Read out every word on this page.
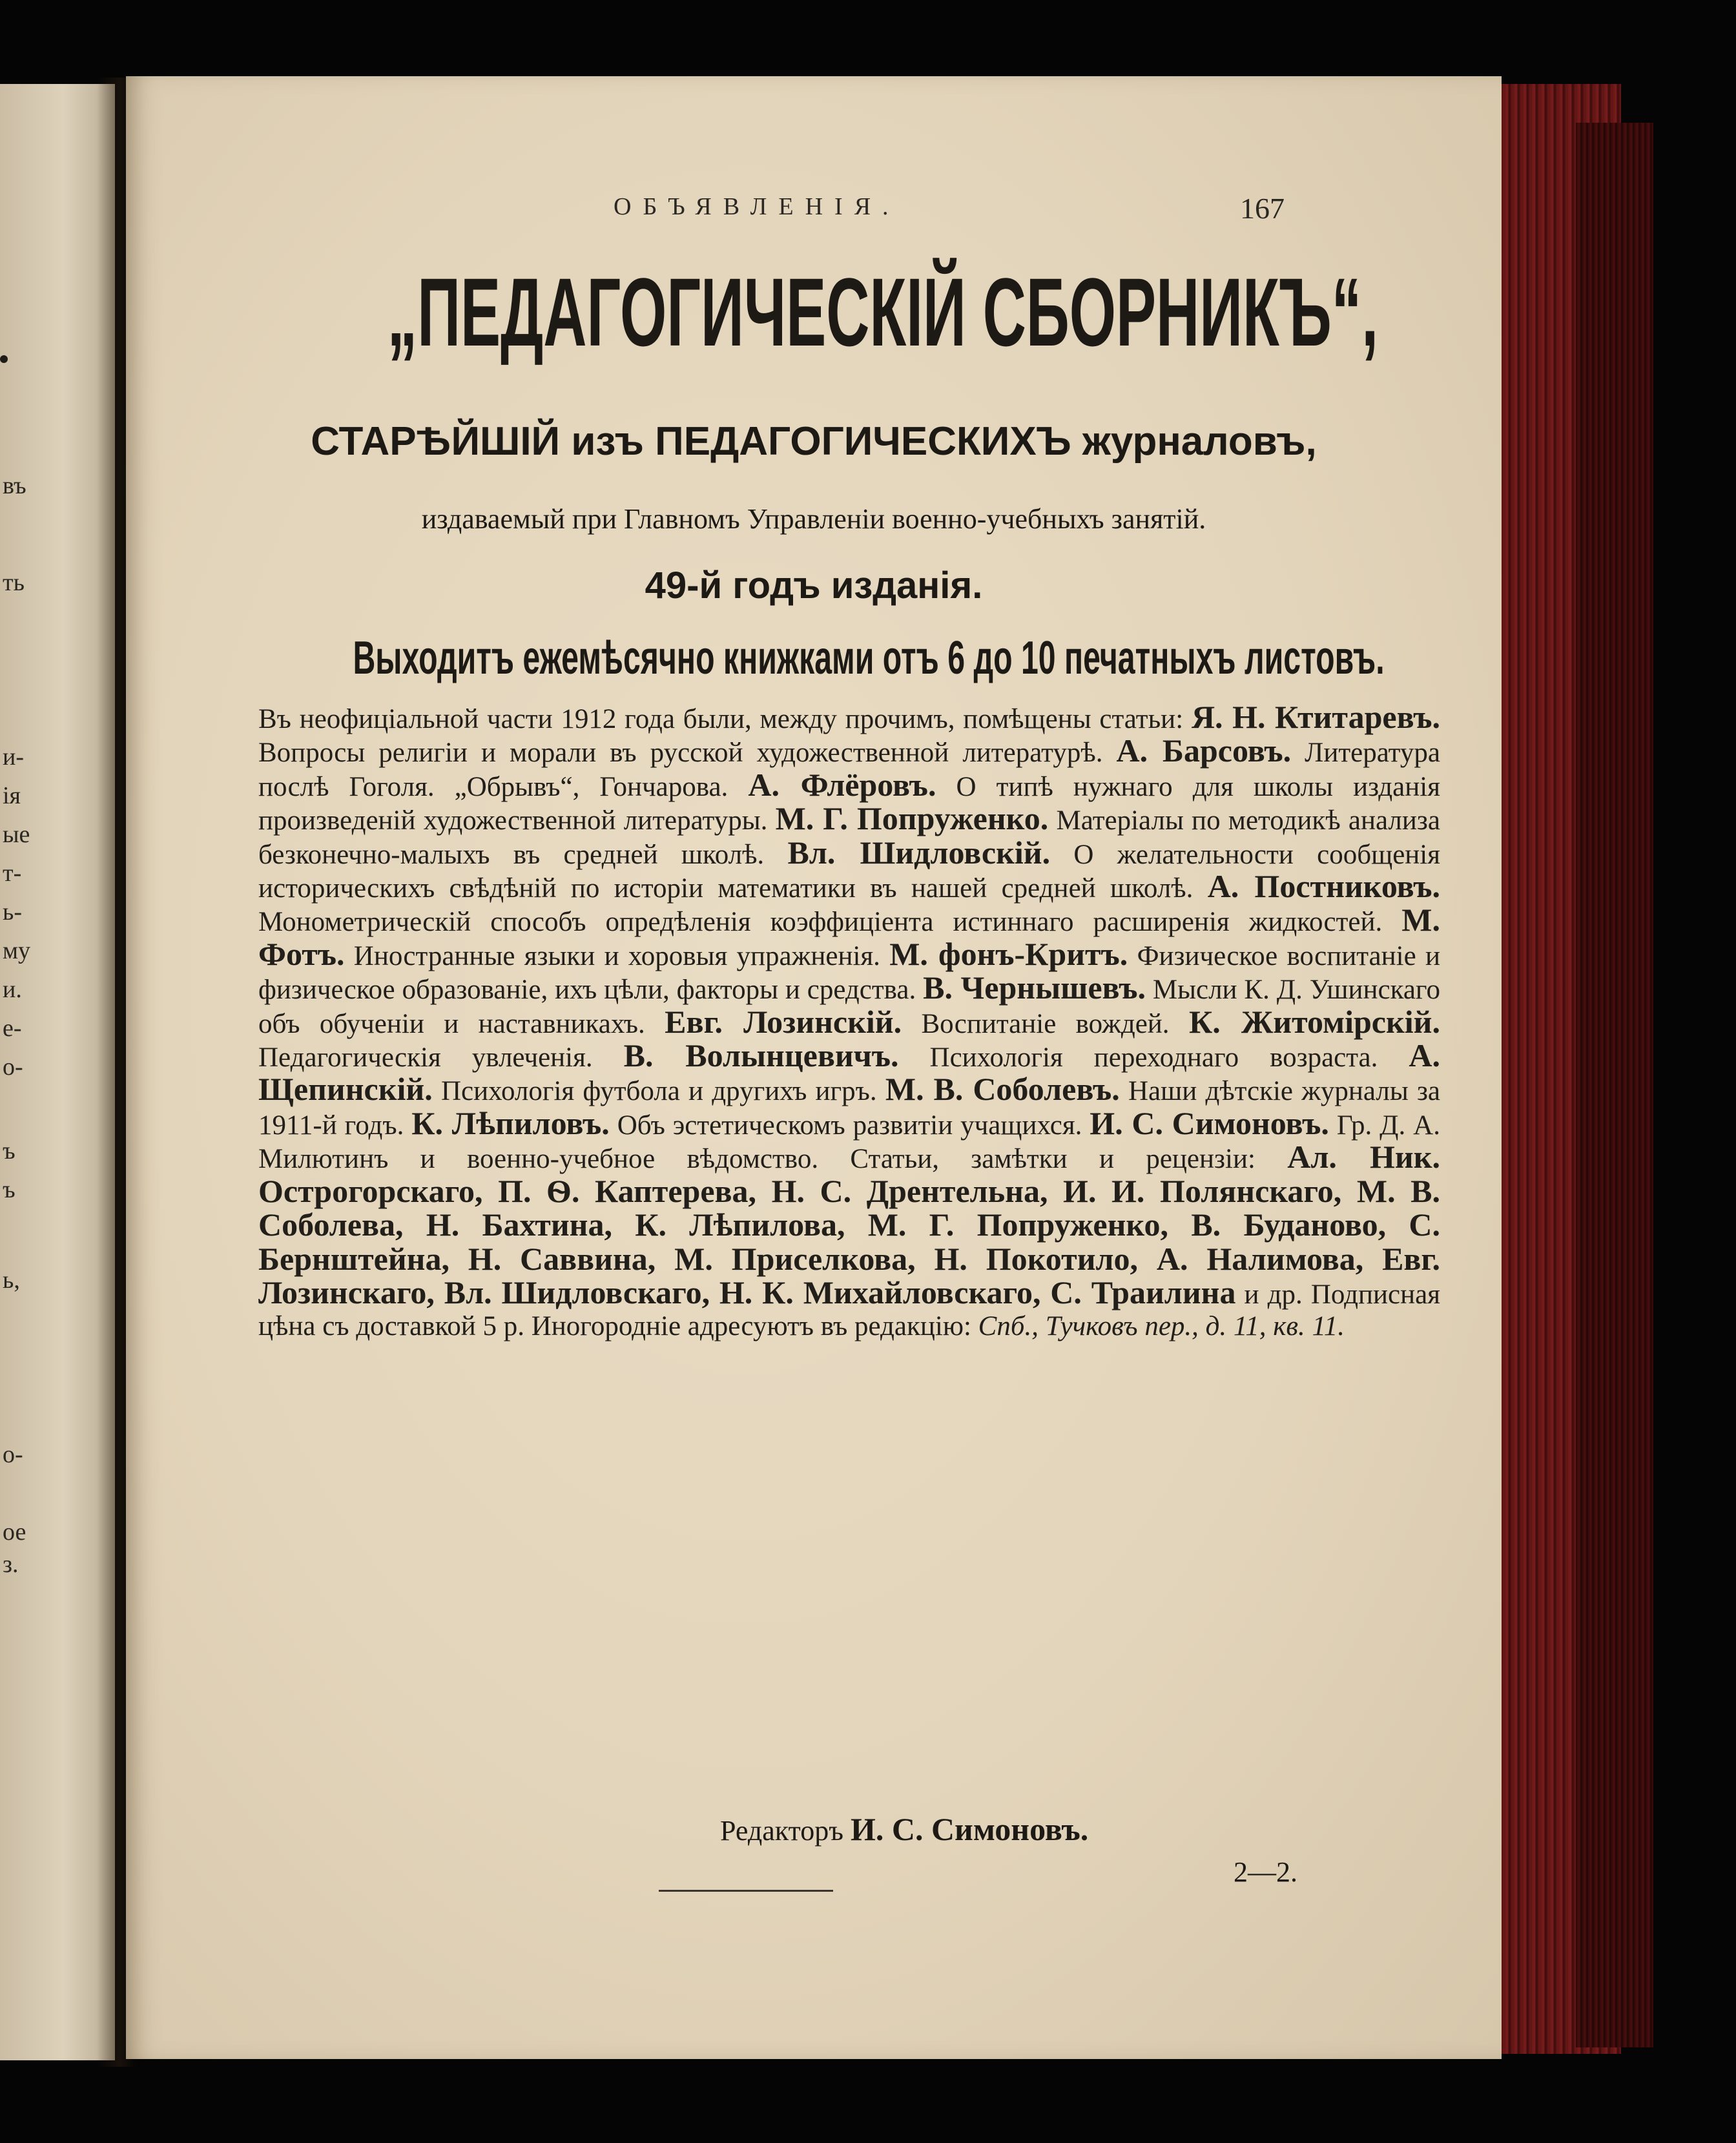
въ
ть
и-
ія
ые
т-
ь-
му
и.
е-
о-
ъ
ъ
ь,
о-
ое
з.
ОБЪЯВЛЕНІЯ.	167
„ПЕДАГОГИЧЕСКІЙ СБОРНИКЪ“,
СТАРѢЙШІЙ изъ ПЕДАГОГИЧЕСКИХЪ журналовъ,
издаваемый при Главномъ Управленіи военно-учебныхъ занятій.
49-й годъ изданія.
Выходитъ ежемѣсячно книжками отъ 6 до 10 печатныхъ листовъ.
Въ неофиціальной части 1912 года были, между прочимъ, помѣщены статьи: Я. Н. Ктитаревъ. Вопросы религіи и морали въ русской художественной литературѣ. А. Барсовъ. Литература послѣ Гоголя. „Обрывъ“, Гончарова. А. Флёровъ. О типѣ нужнаго для школы изданія произведеній художественной литературы. М. Г. Попруженко. Матеріалы по методикѣ анализа безконечно-малыхъ въ средней школѣ. Вл. Шидловскій. О желательности сообщенія историческихъ свѣдѣній по исторіи математики въ нашей средней школѣ. А. Постниковъ. Монометрическій способъ опредѣленія коэффиціента истиннаго расширенія жидкостей. М. Фотъ. Иностранные языки и хоровыя упражненія. М. фонъ-Критъ. Физическое воспитаніе и физическое образованіе, ихъ цѣли, факторы и средства. В. Чернышевъ. Мысли К. Д. Ушинскаго объ обученіи и наставникахъ. Евг. Лозинскій. Воспитаніе вождей. К. Житомірскій. Педагогическія увлеченія. В. Волынцевичъ. Психологія переходнаго возраста. А. Щепинскій. Психологія футбола и другихъ игръ. М. В. Соболевъ. Наши дѣтскіе журналы за 1911-й годъ. К. Лѣпиловъ. Объ эстетическомъ развитіи учащихся. И. С. Симоновъ. Гр. Д. А. Милютинъ и военно-учебное вѣдомство. Статьи, замѣтки и рецензіи: Ал. Ник. Острогорскаго, П. Ѳ. Каптерева, Н. С. Дрентельна, И. И. Полянскаго, М. В. Соболева, Н. Бахтина, К. Лѣпилова, М. Г. Попруженко, В. Буданово, С. Бернштейна, Н. Саввина, М. Приселкова, Н. Покотило, А. Налимова, Евг. Лозинскаго, Вл. Шидловскаго, Н. К. Михайловскаго, С. Траилина и др. Подписная цѣна съ доставкой 5 р. Иногородніе адресуютъ въ редакцію: Спб., Тучковъ пер., д. 11, кв. 11.
Редакторъ И. С. Симоновъ.
2—2.
